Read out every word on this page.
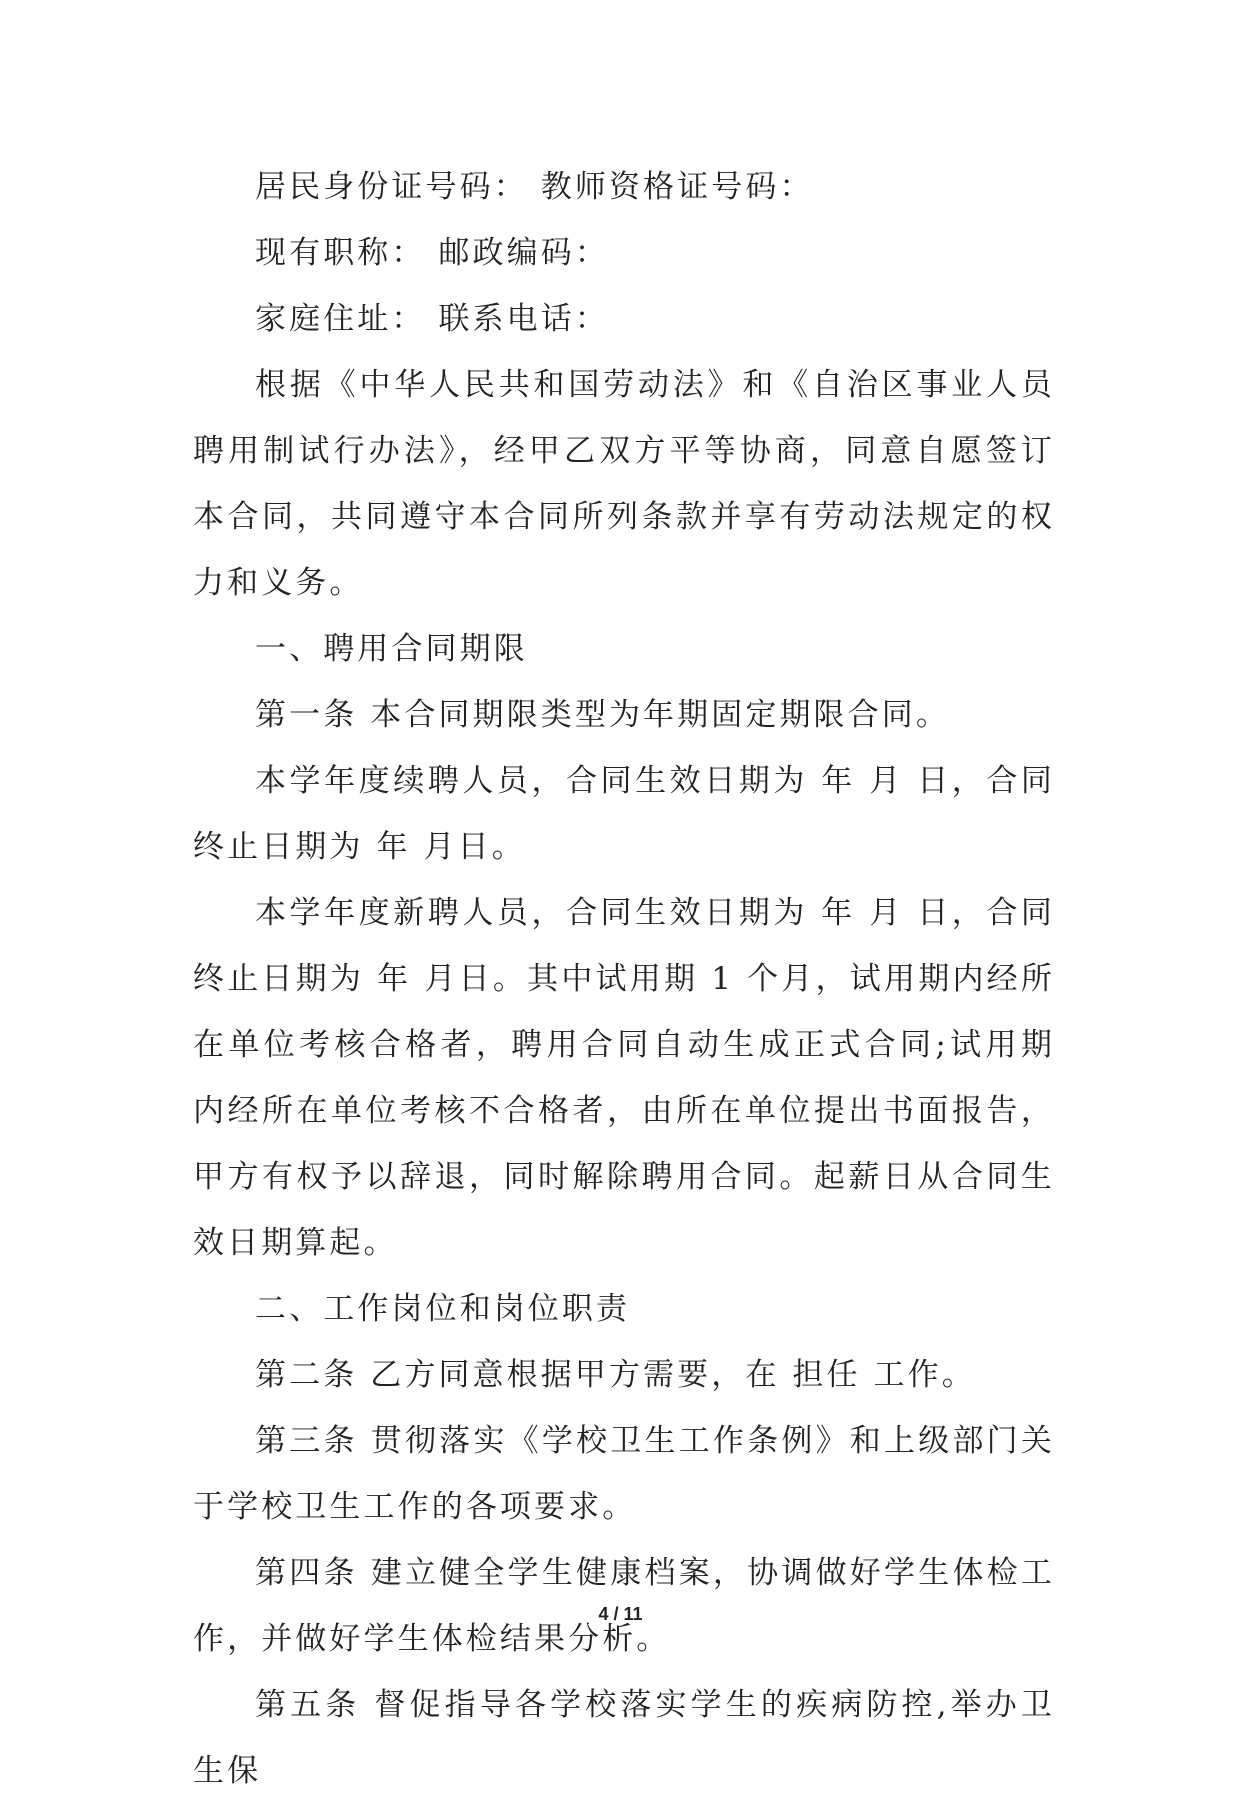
居民身份证号码： 教师资格证号码：

现有职称： 邮政编码：

家庭住址： 联系电话：

根据《中华人民共和国劳动法》和《自治区事业人员聘用制试行办法》，经甲乙双方平等协商，同意自愿签订本合同，共同遵守本合同所列条款并享有劳动法规定的权力和义务。

一、聘用合同期限

第一条 本合同期限类型为年期固定期限合同。

本学年度续聘人员，合同生效日期为 年 月 日，合同终止日期为 年 月日。

本学年度新聘人员，合同生效日期为 年 月 日，合同终止日期为 年 月日。其中试用期 1 个月，试用期内经所在单位考核合格者，聘用合同自动生成正式合同;试用期内经所在单位考核不合格者，由所在单位提出书面报告，甲方有权予以辞退，同时解除聘用合同。起薪日从合同生效日期算起。

二、工作岗位和岗位职责

第二条 乙方同意根据甲方需要，在 担任 工作。

第三条 贯彻落实《学校卫生工作条例》和上级部门关于学校卫生工作的各项要求。

第四条 建立健全学生健康档案，协调做好学生体检工作，并做好学生体检结果分析。

第五条 督促指导各学校落实学生的疾病防控,举办卫生保

4 / 11
